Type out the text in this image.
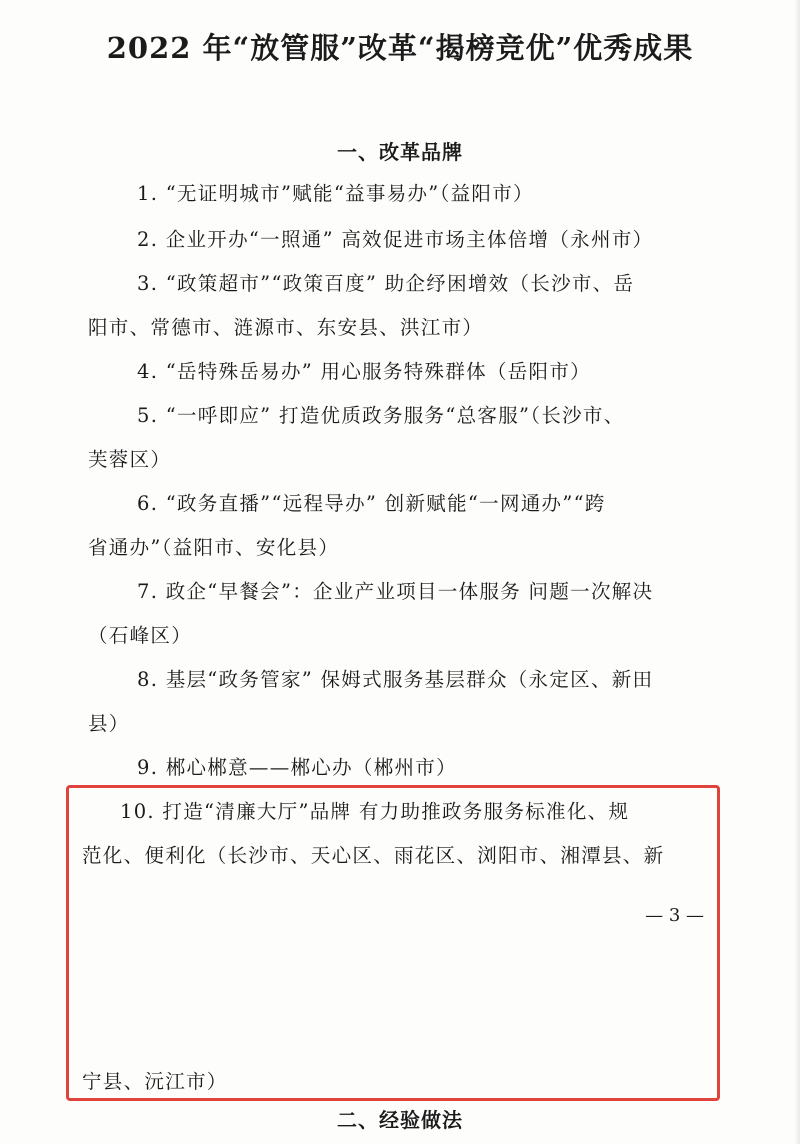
2022 年“放管服”改革“揭榜竞优”优秀成果
一、改革品牌
1. “无证明城市”赋能“益事易办”（益阳市）
2. 企业开办“一照通” 高效促进市场主体倍增（永州市）
3. “政策超市”“政策百度” 助企纾困增效（长沙市、岳
阳市、常德市、涟源市、东安县、洪江市）
4. “岳特殊岳易办” 用心服务特殊群体（岳阳市）
5. “一呼即应” 打造优质政务服务“总客服”（长沙市、
芙蓉区）
6. “政务直播”“远程导办” 创新赋能“一网通办”“跨
省通办”（益阳市、安化县）
7. 政企“早餐会”：企业产业项目一体服务 问题一次解决
（石峰区）
8. 基层“政务管家” 保姆式服务基层群众（永定区、新田
县）
9. 郴心郴意——郴心办（郴州市）
10. 打造“清廉大厅”品牌 有力助推政务服务标准化、规
范化、便利化（长沙市、天心区、雨花区、浏阳市、湘潭县、新
— 3 —
宁县、沅江市）
二、经验做法
